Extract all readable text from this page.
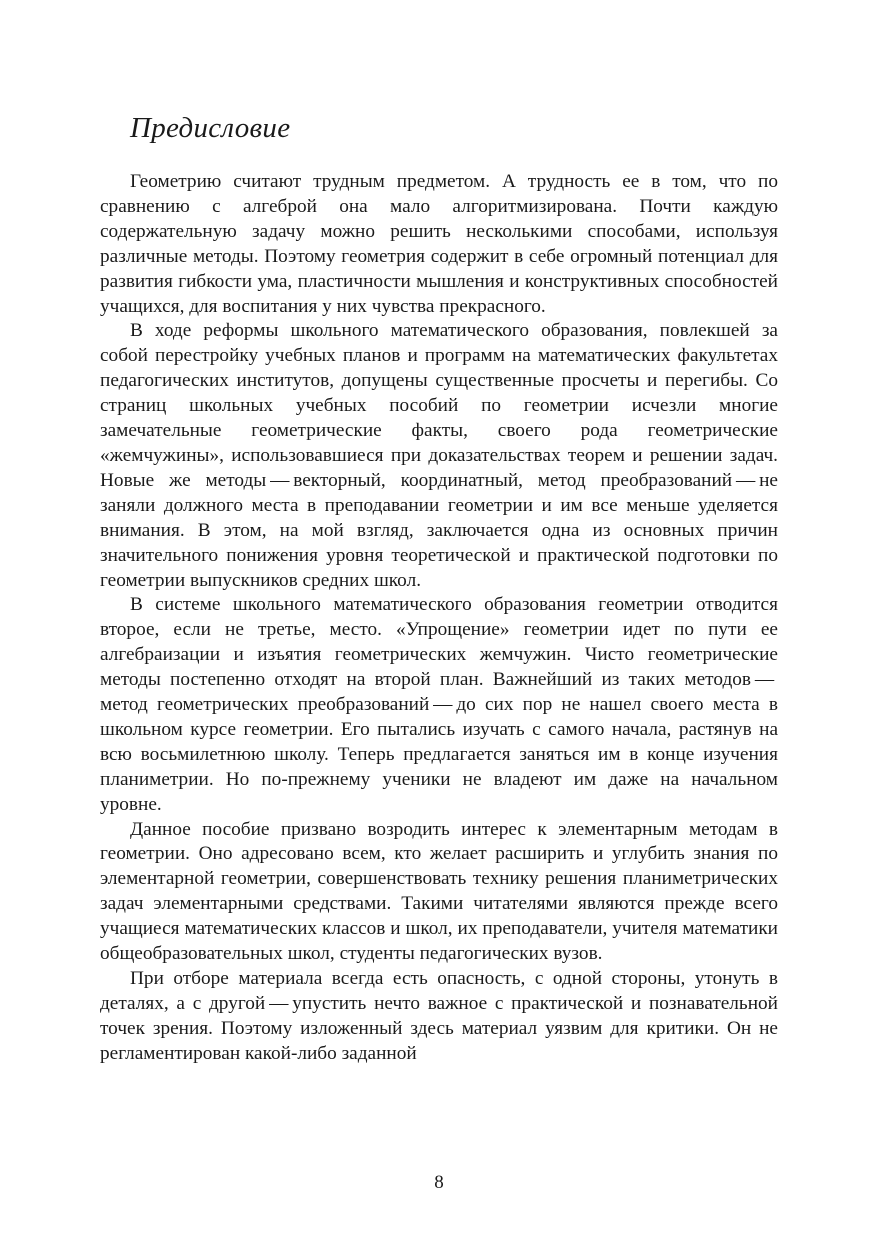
Предисловие

Геометрию считают трудным предметом. А трудность ее в том, что по сравнению с алгеброй она мало алгоритмизирована. Почти каждую содержательную задачу можно решить несколькими способами, используя различные методы. Поэтому геометрия содержит в себе огромный потенциал для развития гибкости ума, пластичности мышления и конструктивных способностей учащихся, для воспитания у них чувства прекрасного.

В ходе реформы школьного математического образования, повлекшей за собой перестройку учебных планов и программ на математических факультетах педагогических институтов, допущены существенные просчеты и перегибы. Со страниц школьных учебных пособий по геометрии исчезли многие замечательные геометрические факты, своего рода геометрические «жемчужины», использовавшиеся при доказательствах теорем и решении задач. Новые же методы — векторный, координатный, метод преобразований — не заняли должного места в преподавании геометрии и им все меньше уделяется внимания. В этом, на мой взгляд, заключается одна из основных причин значительного понижения уровня теоретической и практической подготовки по геометрии выпускников средних школ.

В системе школьного математического образования геометрии отводится второе, если не третье, место. «Упрощение» геометрии идет по пути ее алгебраизации и изъятия геометрических жемчужин. Чисто геометрические методы постепенно отходят на второй план. Важнейший из таких методов — метод геометрических преобразований — до сих пор не нашел своего места в школьном курсе геометрии. Его пытались изучать с самого начала, растянув на всю восьмилетнюю школу. Теперь предлагается заняться им в конце изучения планиметрии. Но по-прежнему ученики не владеют им даже на начальном уровне.

Данное пособие призвано возродить интерес к элементарным методам в геометрии. Оно адресовано всем, кто желает расширить и углубить знания по элементарной геометрии, совершенствовать технику решения планиметрических задач элементарными средствами. Такими читателями являются прежде всего учащиеся математических классов и школ, их преподаватели, учителя математики общеобразовательных школ, студенты педагогических вузов.

При отборе материала всегда есть опасность, с одной стороны, утонуть в деталях, а с другой — упустить нечто важное с практической и познавательной точек зрения. Поэтому изложенный здесь материал уязвим для критики. Он не регламентирован какой-либо заданной

8
